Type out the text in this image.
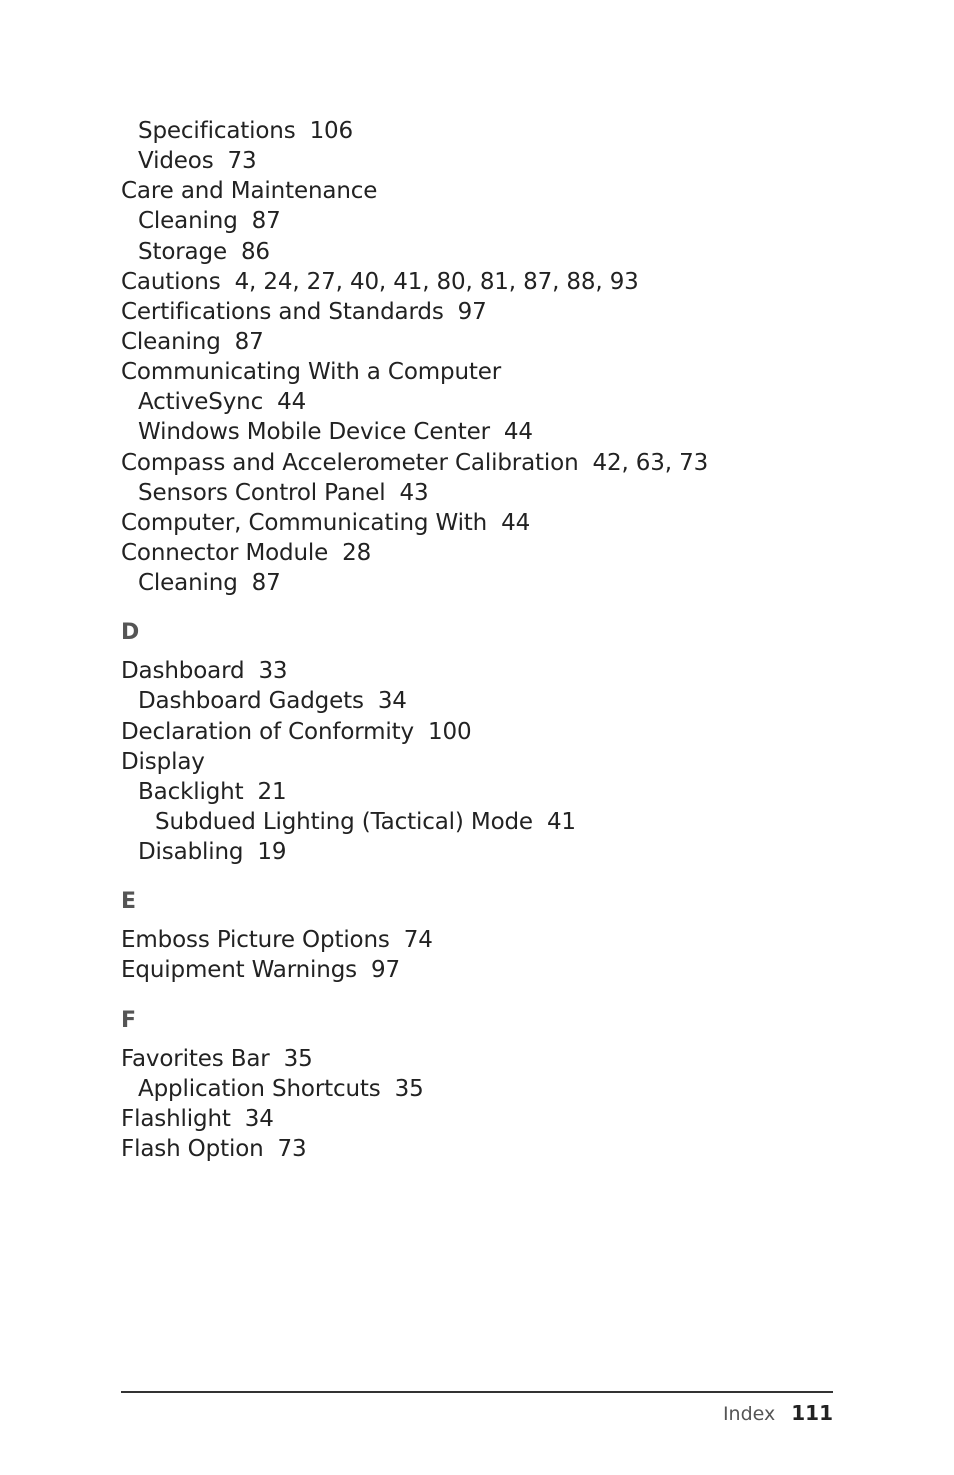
Specifications 106
Videos 73
Care and Maintenance
Cleaning 87
Storage 86
Cautions 4, 24, 27, 40, 41, 80, 81, 87, 88, 93
Certifications and Standards 97
Cleaning 87
Communicating With a Computer
ActiveSync 44
Windows Mobile Device Center 44
Compass and Accelerometer Calibration 42, 63, 73
Sensors Control Panel 43
Computer, Communicating With 44
Connector Module 28
Cleaning 87
D
Dashboard 33
Dashboard Gadgets 34
Declaration of Conformity 100
Display
Backlight 21
Subdued Lighting (Tactical) Mode 41
Disabling 19
E
Emboss Picture Options 74
Equipment Warnings 97
F
Favorites Bar 35
Application Shortcuts 35
Flashlight 34
Flash Option 73
Index 111
